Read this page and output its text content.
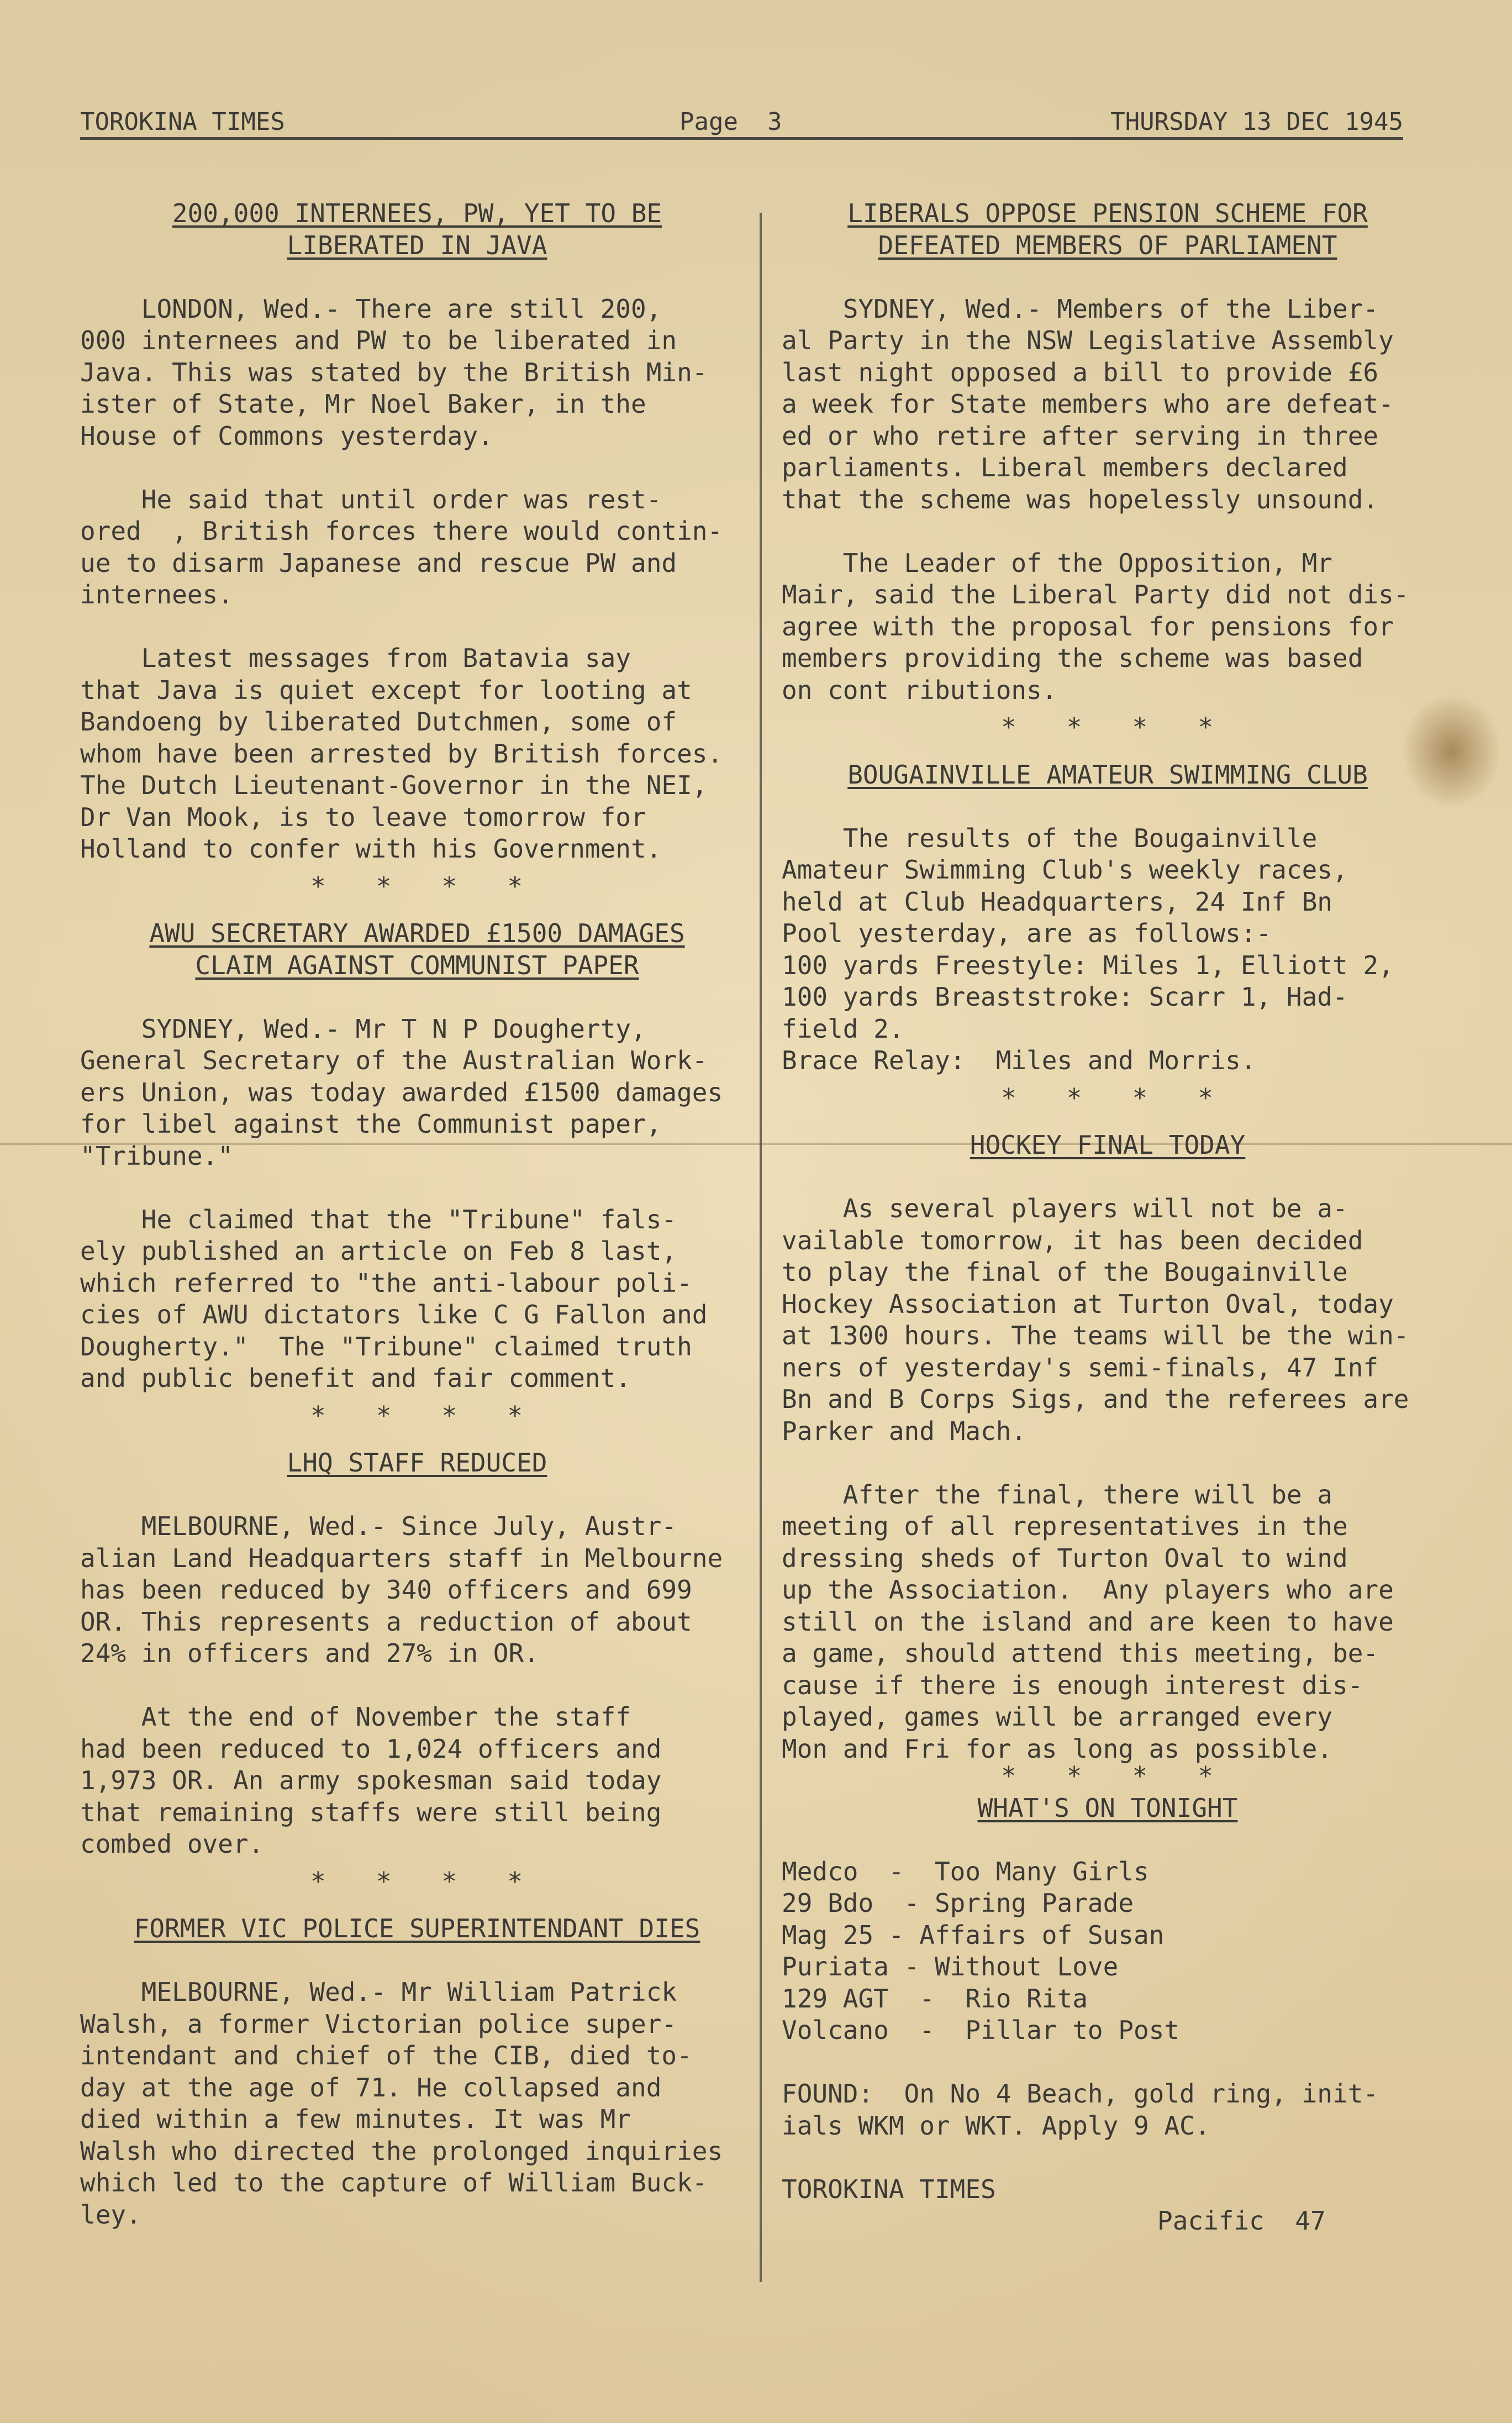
TOROKINA TIMES	Page  3	THURSDAY 13 DEC 1945
200,000 INTERNEES, PW, YET TO BE
LIBERATED IN JAVA
LONDON, Wed.- There are still 200,
000 internees and PW to be liberated in
Java. This was stated by the British Min-
ister of State, Mr Noel Baker, in the
House of Commons yesterday.
He said that until order was rest-
ored  , British forces there would contin-
ue to disarm Japanese and rescue PW and
internees.
Latest messages from Batavia say
that Java is quiet except for looting at
Bandoeng by liberated Dutchmen, some of
whom have been arrested by British forces.
The Dutch Lieutenant-Governor in the NEI,
Dr Van Mook, is to leave tomorrow for
Holland to confer with his Government.
*   *   *   *
AWU SECRETARY AWARDED £1500 DAMAGES
CLAIM AGAINST COMMUNIST PAPER
SYDNEY, Wed.- Mr T N P Dougherty,
General Secretary of the Australian Work-
ers Union, was today awarded £1500 damages
for libel against the Communist paper,
"Tribune."
He claimed that the "Tribune" fals-
ely published an article on Feb 8 last,
which referred to "the anti-labour poli-
cies of AWU dictators like C G Fallon and
Dougherty."  The "Tribune" claimed truth
and public benefit and fair comment.
*   *   *   *
LHQ STAFF REDUCED
MELBOURNE, Wed.- Since July, Austr-
alian Land Headquarters staff in Melbourne
has been reduced by 340 officers and 699
OR. This represents a reduction of about
24% in officers and 27% in OR.
At the end of November the staff
had been reduced to 1,024 officers and
1,973 OR. An army spokesman said today
that remaining staffs were still being
combed over.
*   *   *   *
FORMER VIC POLICE SUPERINTENDANT DIES
MELBOURNE, Wed.- Mr William Patrick
Walsh, a former Victorian police super-
intendant and chief of the CIB, died to-
day at the age of 71. He collapsed and
died within a few minutes. It was Mr
Walsh who directed the prolonged inquiries
which led to the capture of William Buck-
ley.
LIBERALS OPPOSE PENSION SCHEME FOR
DEFEATED MEMBERS OF PARLIAMENT
SYDNEY, Wed.- Members of the Liber-
al Party in the NSW Legislative Assembly
last night opposed a bill to provide £6
a week for State members who are defeat-
ed or who retire after serving in three
parliaments. Liberal members declared
that the scheme was hopelessly unsound.
The Leader of the Opposition, Mr
Mair, said the Liberal Party did not dis-
agree with the proposal for pensions for
members providing the scheme was based
on cont ributions.
*   *   *   *
BOUGAINVILLE AMATEUR SWIMMING CLUB
The results of the Bougainville
Amateur Swimming Club's weekly races,
held at Club Headquarters, 24 Inf Bn
Pool yesterday, are as follows:-
100 yards Freestyle: Miles 1, Elliott 2,
100 yards Breaststroke: Scarr 1, Had-
field 2.
Brace Relay:  Miles and Morris.
*   *   *   *
HOCKEY FINAL TODAY
As several players will not be a-
vailable tomorrow, it has been decided
to play the final of the Bougainville
Hockey Association at Turton Oval, today
at 1300 hours. The teams will be the win-
ners of yesterday's semi-finals, 47 Inf
Bn and B Corps Sigs, and the referees are
Parker and Mach.
After the final, there will be a
meeting of all representatives in the
dressing sheds of Turton Oval to wind
up the Association.  Any players who are
still on the island and are keen to have
a game, should attend this meeting, be-
cause if there is enough interest dis-
played, games will be arranged every
Mon and Fri for as long as possible.
*   *   *   *
WHAT'S ON TONIGHT
Medco  -  Too Many Girls
29 Bdo  - Spring Parade
Mag 25 - Affairs of Susan
Puriata - Without Love
129 AGT  -  Rio Rita
Volcano  -  Pillar to Post
FOUND:  On No 4 Beach, gold ring, init-
ials WKM or WKT. Apply 9 AC.
TOROKINA TIMES
Pacific  47
